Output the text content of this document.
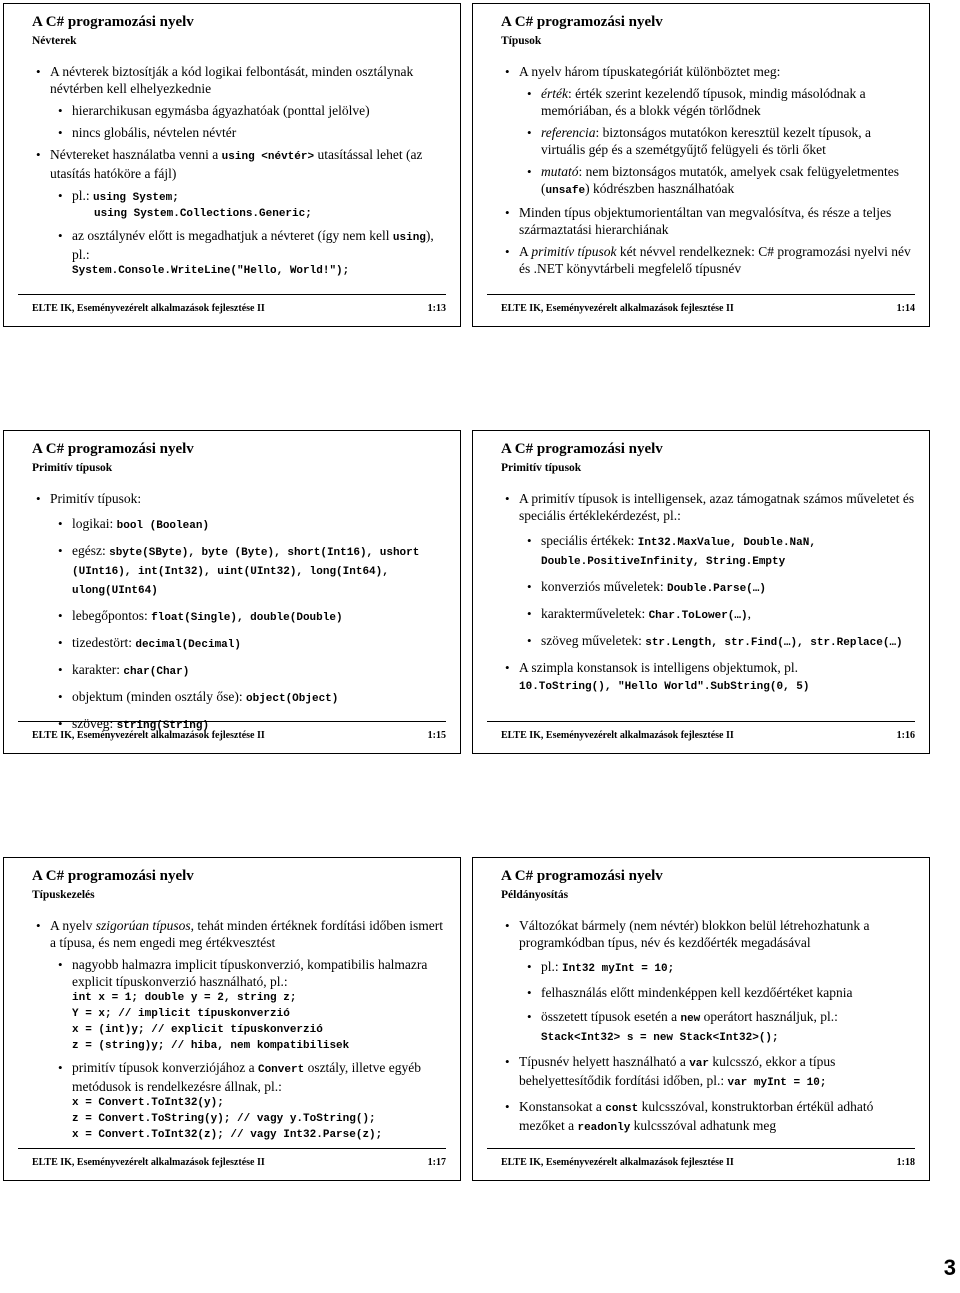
A C# programozási nyelv
Névterek
• A névterek biztosítják a kód logikai felbontását, minden osztálynak névtérben kell elhelyezkednie
• hierarchikusan egymásba ágyazhatóak (ponttal jelölve)
• nincs globális, névtelen névtér
• Névtereket használatba venni a using <névtér> utasítással lehet (az utasítás hatóköre a fájl)
• pl.: using System;
using System.Collections.Generic;
• az osztálynév előtt is megadhatjuk a névteret (így nem kell using), pl.:
System.Console.WriteLine("Hello, World!");
ELTE IK, Eseményvezérelt alkalmazások fejlesztése II	1:13
A C# programozási nyelv
Típusok
• A nyelv három típuskategóriát különböztet meg:
• érték: érték szerint kezelendő típusok, mindig másolódnak a memóriában, és a blokk végén törlődnek
• referencia: biztonságos mutatókon keresztül kezelt típusok, a virtuális gép és a szemétgyűjtő felügyeli és törli őket
• mutató: nem biztonságos mutatók, amelyek csak felügyeletmentes (unsafe) kódrészben használhatóak
• Minden típus objektumorientáltan van megvalósítva, és része a teljes származtatási hierarchiának
• A primitív típusok két névvel rendelkeznek: C# programozási nyelvi név és .NET könyvtárbeli megfelelő típusnév
ELTE IK, Eseményvezérelt alkalmazások fejlesztése II	1:14
A C# programozási nyelv
Primitív típusok
• Primitív típusok:
• logikai: bool (Boolean)
• egész: sbyte(SByte), byte (Byte), short(Int16), ushort (UInt16), int(Int32), uint(UInt32), long(Int64), ulong(UInt64)
• lebegőpontos: float(Single), double(Double)
• tizedestört: decimal(Decimal)
• karakter: char(Char)
• objektum (minden osztály őse): object(Object)
• szöveg: string(String)
ELTE IK, Eseményvezérelt alkalmazások fejlesztése II	1:15
A C# programozási nyelv
Primitív típusok
• A primitív típusok is intelligensek, azaz támogatnak számos műveletet és speciális értéklekérdezést, pl.:
• speciális értékek: Int32.MaxValue, Double.NaN, Double.PositiveInfinity, String.Empty
• konverziós műveletek: Double.Parse(…)
• karakterműveletek: Char.ToLower(…),
• szöveg műveletek: str.Length, str.Find(…), str.Replace(…)
• A szimpla konstansok is intelligens objektumok, pl.
10.ToString(), "Hello World".SubString(0, 5)
ELTE IK, Eseményvezérelt alkalmazások fejlesztése II	1:16
A C# programozási nyelv
Típuskezelés
• A nyelv szigorúan típusos, tehát minden értéknek fordítási időben ismert a típusa, és nem engedi meg értékvesztést
• nagyobb halmazra implicit típuskonverzió, kompatibilis halmazra explicit típuskonverzió használható, pl.:
int x = 1; double y = 2, string z;
Y = x; // implicit típuskonverzió
x = (int)y; // explicit típuskonverzió
z = (string)y; // hiba, nem kompatibilisek
• primitív típusok konverziójához a Convert osztály, illetve egyéb metódusok is rendelkezésre állnak, pl.:
x = Convert.ToInt32(y);
z = Convert.ToString(y); // vagy y.ToString();
x = Convert.ToInt32(z); // vagy Int32.Parse(z);
ELTE IK, Eseményvezérelt alkalmazások fejlesztése II	1:17
A C# programozási nyelv
Példányosítás
• Változókat bármely (nem névtér) blokkon belül létrehozhatunk a programkódban típus, név és kezdőérték megadásával
• pl.: Int32 myInt = 10;
• felhasználás előtt mindenképpen kell kezdőértéket kapnia
• összetett típusok esetén a new operátort használjuk, pl.:
Stack<Int32> s = new Stack<Int32>();
• Típusnév helyett használható a var kulcsszó, ekkor a típus behelyettesítődik fordítási időben, pl.: var myInt = 10;
• Konstansokat a const kulcsszóval, konstruktorban értékül adható mezőket a readonly kulcsszóval adhatunk meg
ELTE IK, Eseményvezérelt alkalmazások fejlesztése II	1:18
3
